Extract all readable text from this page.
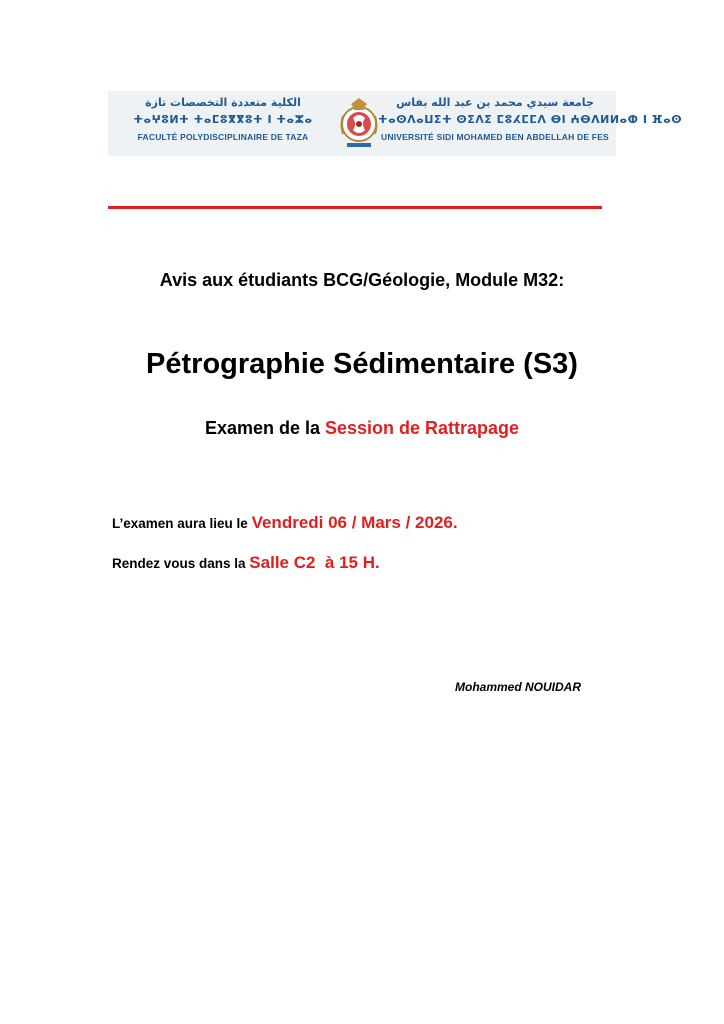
الكلية متعددة التخصصات تازة
ⵜⴰⵖⵓⵍⵜ ⵜⴰⵎⵓⴳⴳⵓⵜ ⵏ ⵜⴰⵣⴰ
FACULTÉ POLYDISCIPLINAIRE DE TAZA
جامعة سيدي محمد بن عبد الله بفاس
ⵜⴰⵙⴷⴰⵡⵉⵜ ⵙⵉⴷⵉ ⵎⵓⵃⵎⵎⴷ ⴱⵏ ⵄⴱⴷⵍⵍⴰⵀ ⵏ ⴼⴰⵙ
UNIVERSITÉ SIDI MOHAMED BEN ABDELLAH DE FES
Avis aux étudiants BCG/Géologie, Module M32:
Pétrographie Sédimentaire (S3)
Examen de la Session de Rattrapage
L’examen aura lieu le Vendredi 06 / Mars / 2026.
Rendez vous dans la Salle C2  à 15 H.
Mohammed NOUIDAR
